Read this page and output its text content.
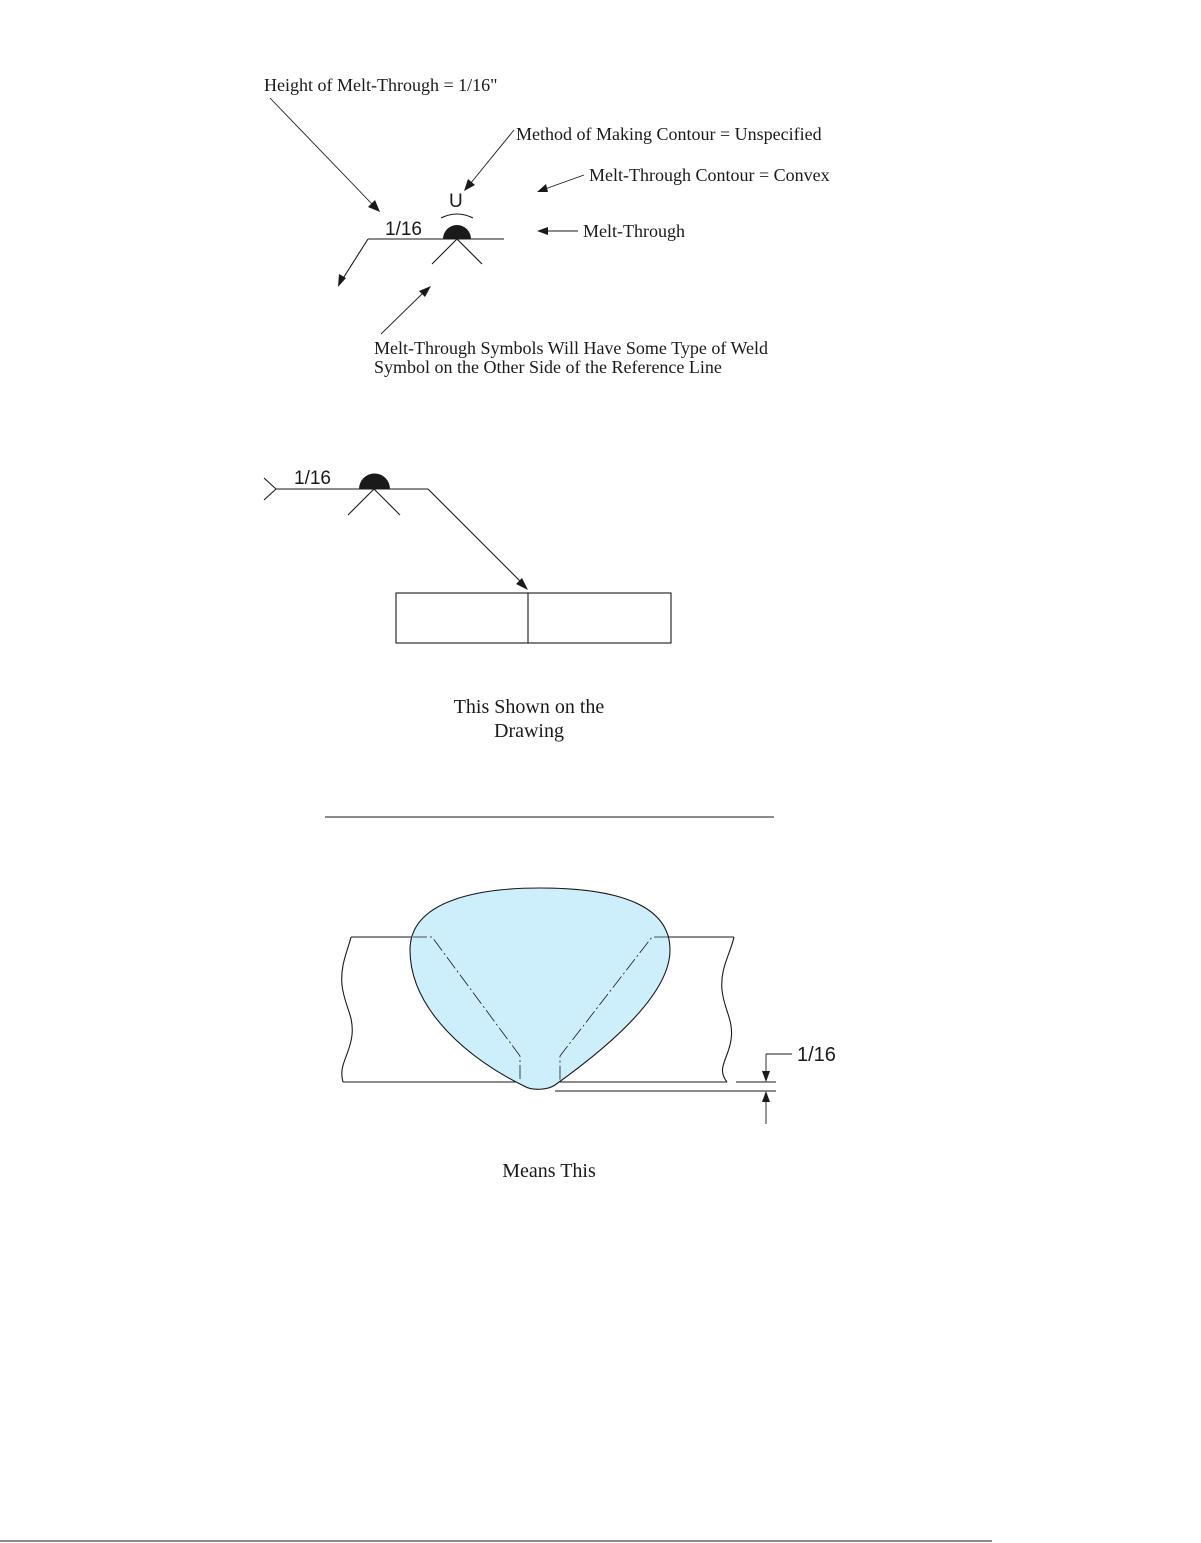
Height of Melt-Through = 1/16"
Method of Making Contour = Unspecified
Melt-Through Contour = Convex
Melt-Through
Melt-Through Symbols Will Have Some Type of Weld
Symbol on the Other Side of the Reference Line
1/16
U
1/16
This Shown on the
Drawing
1/16
Means This
